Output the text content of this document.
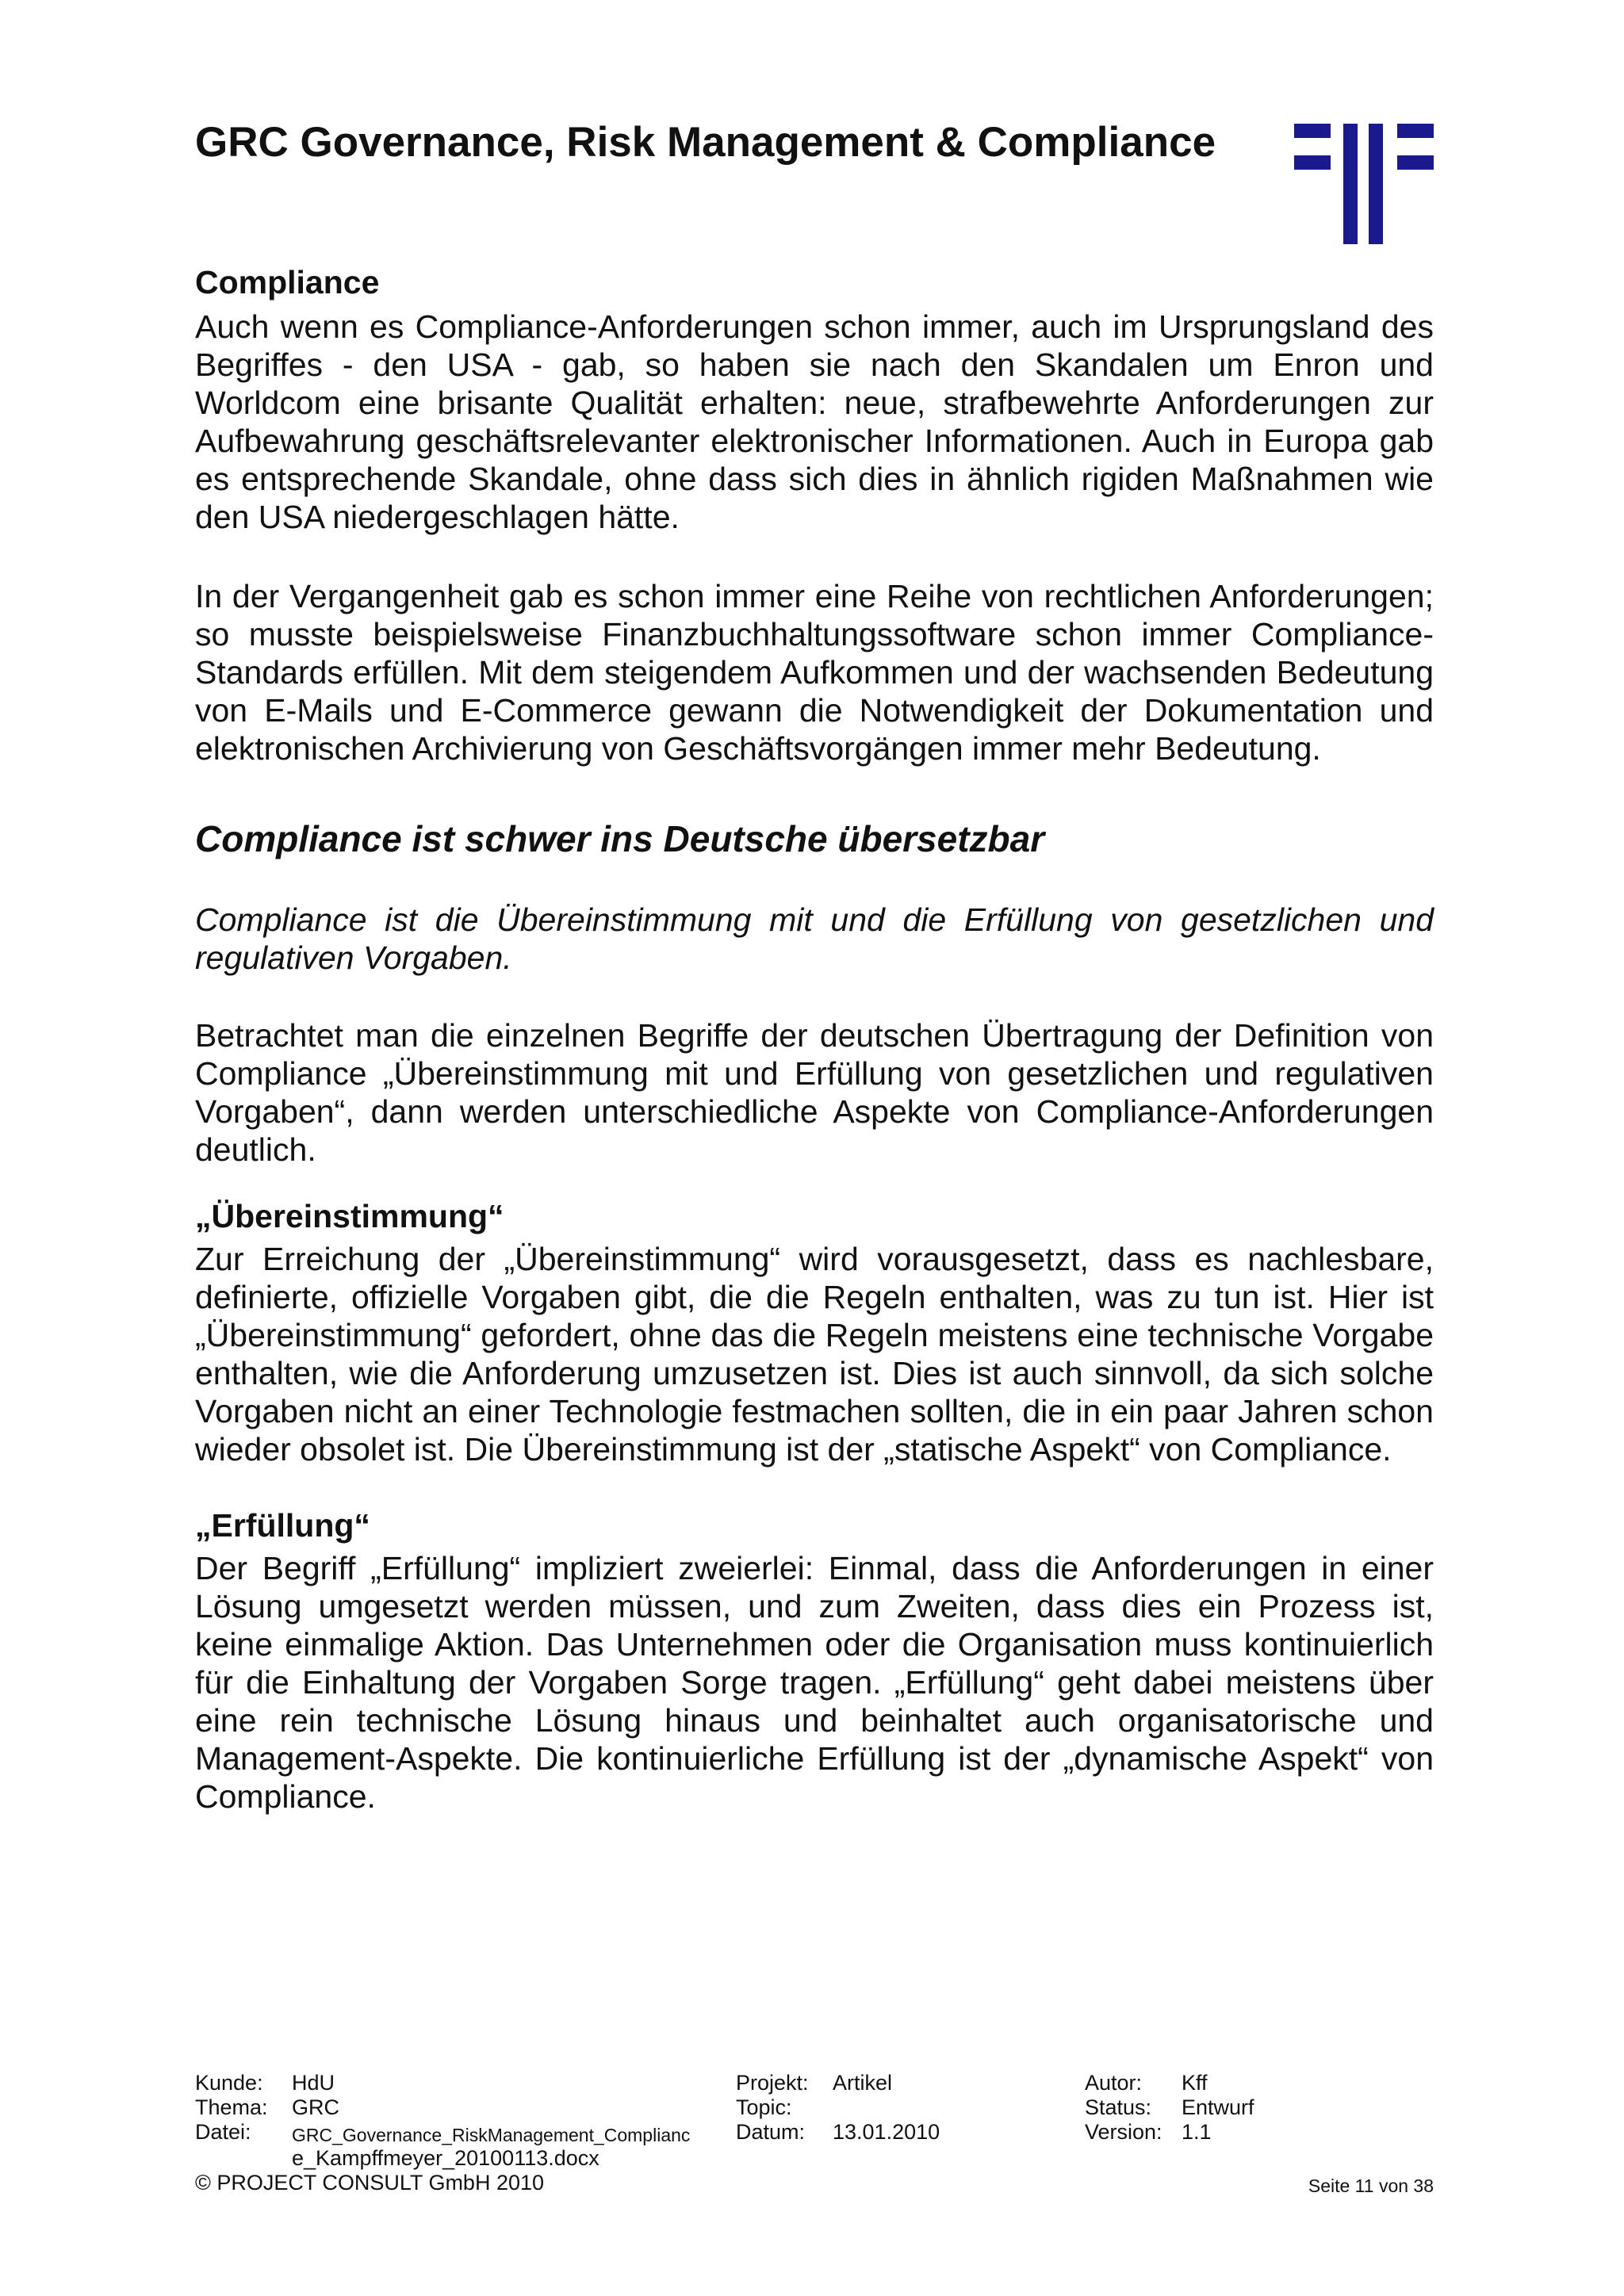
GRC Governance, Risk Management & Compliance

Compliance

Auch wenn es Compliance-Anforderungen schon immer, auch im Ursprungsland des Begriffes - den USA - gab, so haben sie nach den Skandalen um Enron und Worldcom eine brisante Qualität erhalten: neue, strafbewehrte Anforderungen zur Aufbewahrung geschäftsrelevanter elektronischer Informationen. Auch in Europa gab es entsprechende Skandale, ohne dass sich dies in ähnlich rigiden Maßnahmen wie den USA niedergeschlagen hätte.

In der Vergangenheit gab es schon immer eine Reihe von rechtlichen Anforderungen; so musste beispielsweise Finanzbuchhaltungssoftware schon immer Compliance-Standards erfüllen. Mit dem steigendem Aufkommen und der wachsenden Bedeutung von E-Mails und E-Commerce gewann die Notwendigkeit der Dokumentation und elektronischen Archivierung von Geschäftsvorgängen immer mehr Bedeutung.

Compliance ist schwer ins Deutsche übersetzbar

Compliance ist die Übereinstimmung mit und die Erfüllung von gesetzlichen und regulativen Vorgaben.

Betrachtet man die einzelnen Begriffe der deutschen Übertragung der Definition von Compliance „Übereinstimmung mit und Erfüllung von gesetzlichen und regulativen Vorgaben“, dann werden unterschiedliche Aspekte von Compliance-Anforderungen deutlich.

„Übereinstimmung“

Zur Erreichung der „Übereinstimmung“ wird vorausgesetzt, dass es nachlesbare, definierte, offizielle Vorgaben gibt, die die Regeln enthalten, was zu tun ist. Hier ist „Übereinstimmung“ gefordert, ohne das die Regeln meistens eine technische Vorgabe enthalten, wie die Anforderung umzusetzen ist. Dies ist auch sinnvoll, da sich solche Vorgaben nicht an einer Technologie festmachen sollten, die in ein paar Jahren schon wieder obsolet ist. Die Übereinstimmung ist der „statische Aspekt“ von Compliance.

„Erfüllung“

Der Begriff „Erfüllung“ impliziert zweierlei: Einmal, dass die Anforderungen in einer Lösung umgesetzt werden müssen, und zum Zweiten, dass dies ein Prozess ist, keine einmalige Aktion. Das Unternehmen oder die Organisation muss kontinuierlich für die Einhaltung der Vorgaben Sorge tragen. „Erfüllung“ geht dabei meistens über eine rein technische Lösung hinaus und beinhaltet auch organisatorische und Management-Aspekte. Die kontinuierliche Erfüllung ist der „dynamische Aspekt“ von Compliance.

Kunde: HdU
Thema: GRC
Datei: GRC_Governance_RiskManagement_Complianc
e_Kampffmeyer_20100113.docx
Projekt: Artikel
Topic:
Datum: 13.01.2010
Autor: Kff
Status: Entwurf
Version: 1.1
© PROJECT CONSULT GmbH 2010	Seite 11 von 38
